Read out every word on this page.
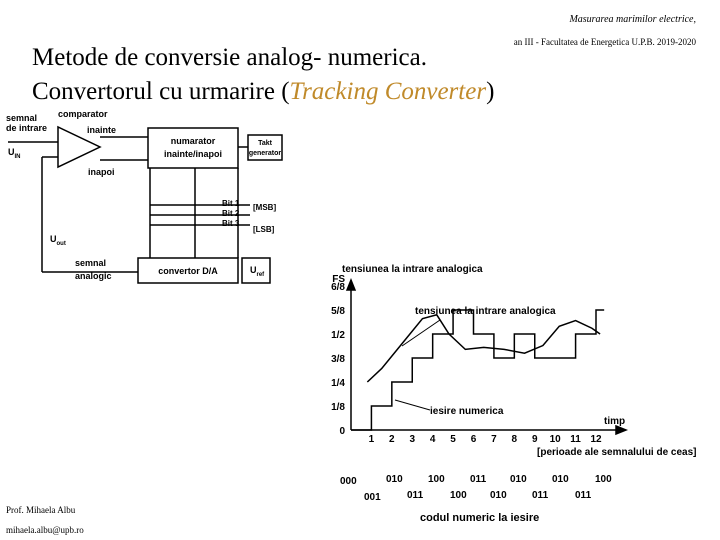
Masurarea marimilor electrice,
an III - Facultatea de Energetica U.P.B. 2019-2020
Metode de conversie analog- numerica.
Convertorul cu urmarire (Tracking Converter)
semnal
de intrare
$U_{IN}$
comparator
inainte
inapoi
numarator
inainte/inapoi
Takt
generator
Bit 1
Bit 2
Bit 3
[MSB]
[LSB]
$U_{out}$
semnal
analogic	convertor D/A	$U_{ref}$	tensiunea la intrare analogica
tensiunea la intrare analogica
iesire numerica
timp
[perioade ale semnalului de ceas]
FS
6/8
5/8
1/2
3/8
1/4
1/8
0
1 2 3 4 5 6 7 8 9 10 11 12
000	010	100	011 010	010	100
001	011	100 010	011	011
codul numeric la iesire
Prof. Mihaela Albu
mihaela.albu@upb.ro
